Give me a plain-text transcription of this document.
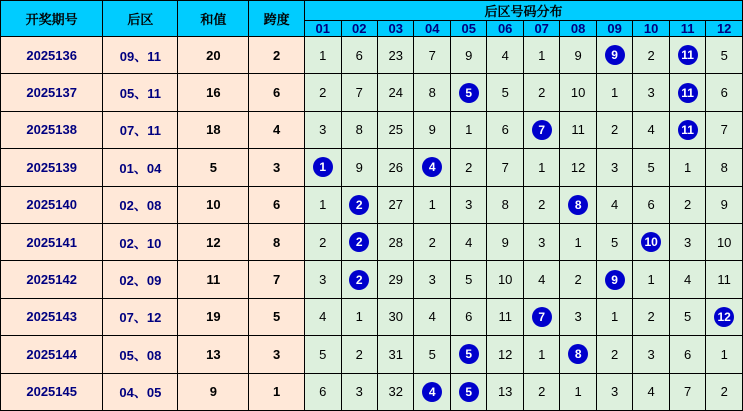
开奖期号	后区	和值	跨度	后区号码分布											
				01	02	03	04	05	06	07	08	09	10	11	12
2025136	09、11	20	2	1	6	23	7	9	4	1	9	9	2	11	5
2025137	05、11	16	6	2	7	24	8	5	5	2	10	1	3	11	6
2025138	07、11	18	4	3	8	25	9	1	6	7	11	2	4	11	7
2025139	01、04	5	3	1	9	26	4	2	7	1	12	3	5	1	8
2025140	02、08	10	6	1	2	27	1	3	8	2	8	4	6	2	9
2025141	02、10	12	8	2	2	28	2	4	9	3	1	5	10	3	10
2025142	02、09	11	7	3	2	29	3	5	10	4	2	9	1	4	11
2025143	07、12	19	5	4	1	30	4	6	11	7	3	1	2	5	12
2025144	05、08	13	3	5	2	31	5	5	12	1	8	2	3	6	1
2025145	04、05	9	1	6	3	32	4	5	13	2	1	3	4	7	2
